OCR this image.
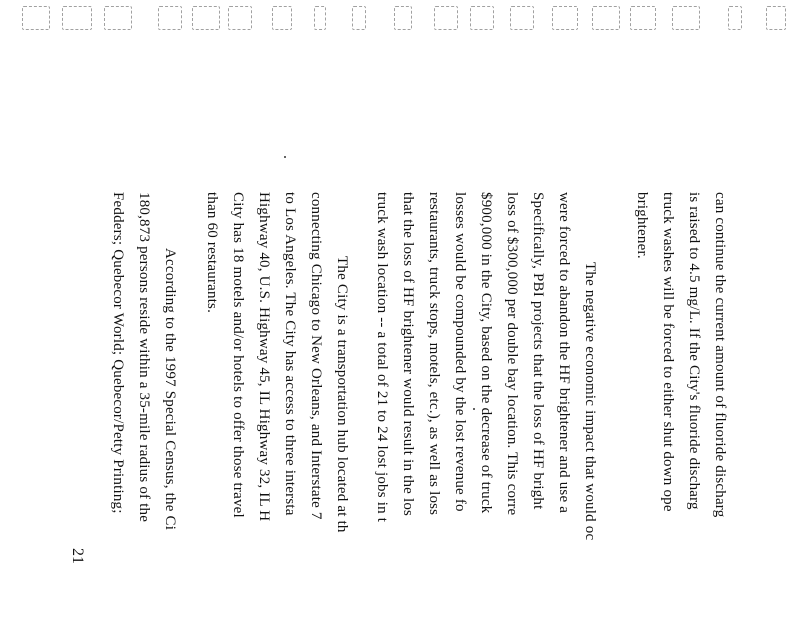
can continue the current amount of fluoride discharg
is raised to 4.5 mg/L. If the City's fluoride discharg
truck washes will be forced to either shut down ope
brightener.
The negative economic impact that would oc
were forced to abandon the HF brightener and use a
Specifically, PBI projects that the loss of HF bright
loss of $300,000 per double bay location. This corre
$900,000 in the City, based on the decrease of truck
losses would be compounded by the lost revenue fo
restaurants, truck stops, motels, etc.), as well as loss
that the loss of HF brightener would result in the los
truck wash location -- a total of 21 to 24 lost jobs in t
The City is a transportation hub located at th
connecting Chicago to New Orleans, and Interstate 7
to Los Angeles. The City has access to three intersta
Highway 40, U.S. Highway 45, IL Highway 32, IL H
City has 18 motels and/or hotels to offer those travel
than 60 restaurants.
According to the 1997 Special Census, the Ci
180,873 persons reside within a 35-mile radius of the
Fedders; Quebecor World; Quebecor/Petty Printing;
21
